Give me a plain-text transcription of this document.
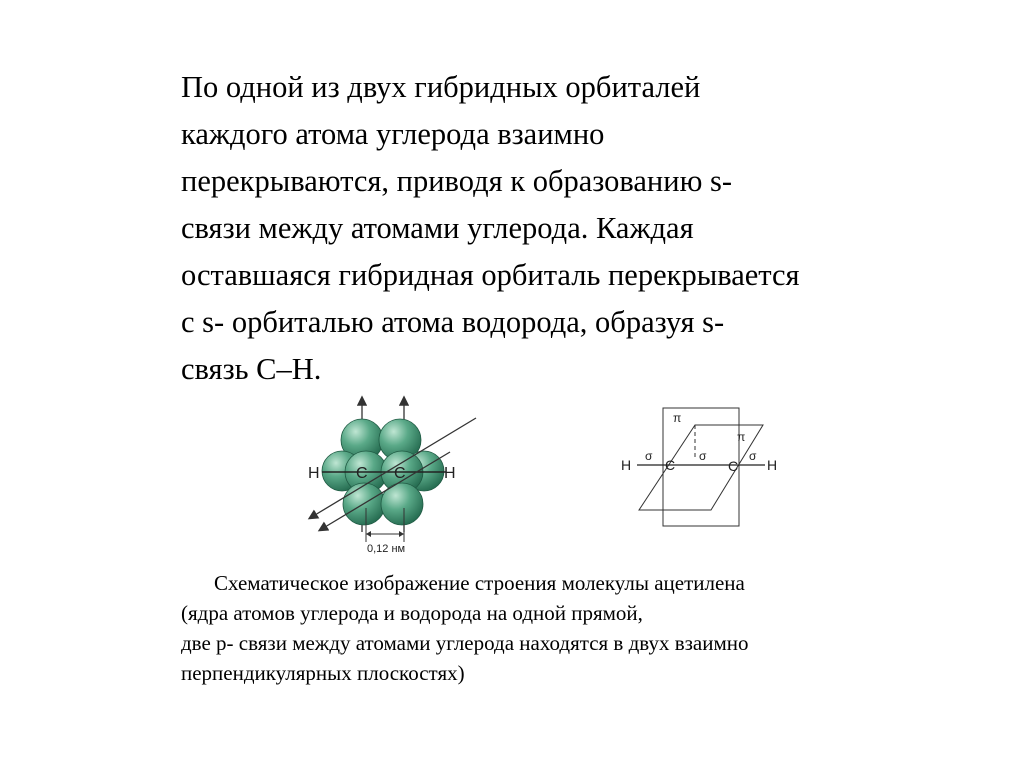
По одной из двух гибридных орбиталей
каждого атома углерода взаимно
перекрываются, приводя к образованию s-
связи между атомами углерода. Каждая
оставшаяся гибридная орбиталь перекрывается
с s- орбиталью атома водорода, образуя s-
связь С–Н.
H C C H
0,12 нм
H
σ
C
σ
C
σ
H
π
π
Схематическое изображение строения молекулы ацетилена
(ядра атомов углерода и водорода на одной прямой,
две р- связи между атомами углерода находятся в двух взаимно
перпендикулярных плоскостях)
